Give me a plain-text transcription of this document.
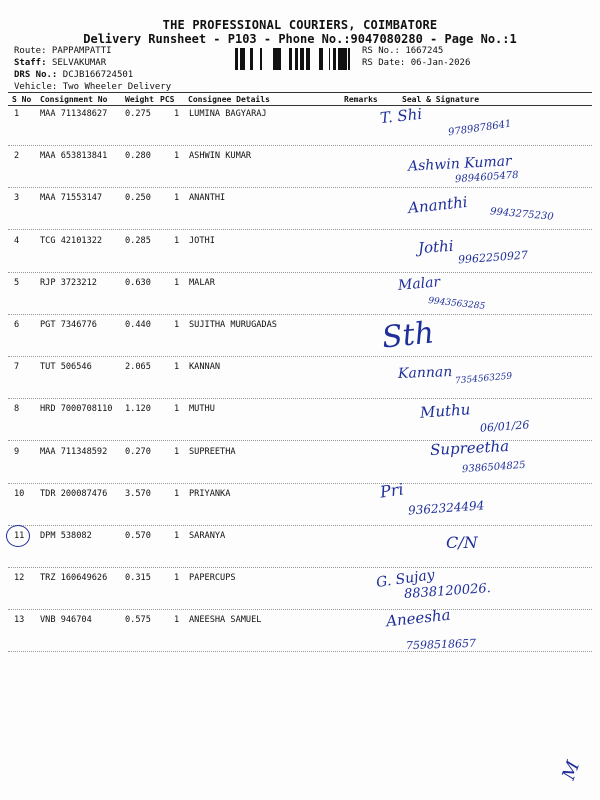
THE PROFESSIONAL COURIERS, COIMBATORE
Delivery Runsheet - P103 - Phone No.:9047080280 - Page No.:1
Route: PAPPAMPATTI
Staff: SELVAKUMAR
DRS No.: DCJB166724501
RS No.: 1667245
RS Date: 06-Jan-2026
Vehicle: Two Wheeler Delivery
S No Consignment No Weight PCS Consignee Details	Remarks	Seal & Signature
1 MAA 711348627 0.275	1 LUMINA BAGYARAJ	T. Shi
9789878641
2 MAA 653813841 0.280	1 ASHWIN KUMAR	Ashwin Kumar
9894605478
3 MAA 71553147	0.250	1 ANANTHI	Ananthi 9943275230
4 TCG 42101322	0.285	1 JOTHI	Jothi
9962250927
5 RJP 3723212	0.630	1 MALAR	Malar
9943563285
6 PGT 7346776	0.440	1 SUJITHA MURUGADAS	Sth
7 TUT 506546	2.065	1 KANNAN	Kannan 7354563259
8 HRD 7000708110 1.120	1 MUTHU	Muthu
06/01/26
9 MAA 711348592 0.270	1 SUPREETHA	Supreetha
9386504825
10 TDR 200087476 3.570	1 PRIYANKA	Pri
9362324494
11 DPM 538082	0.570	1 SARANYA	C/N
12 TRZ 160649626 0.315	1 PAPERCUPS	G. Sujay
8838120026.
13 VNB 946704	0.575	1 ANEESHA SAMUEL	Aneesha
7598518657
M
